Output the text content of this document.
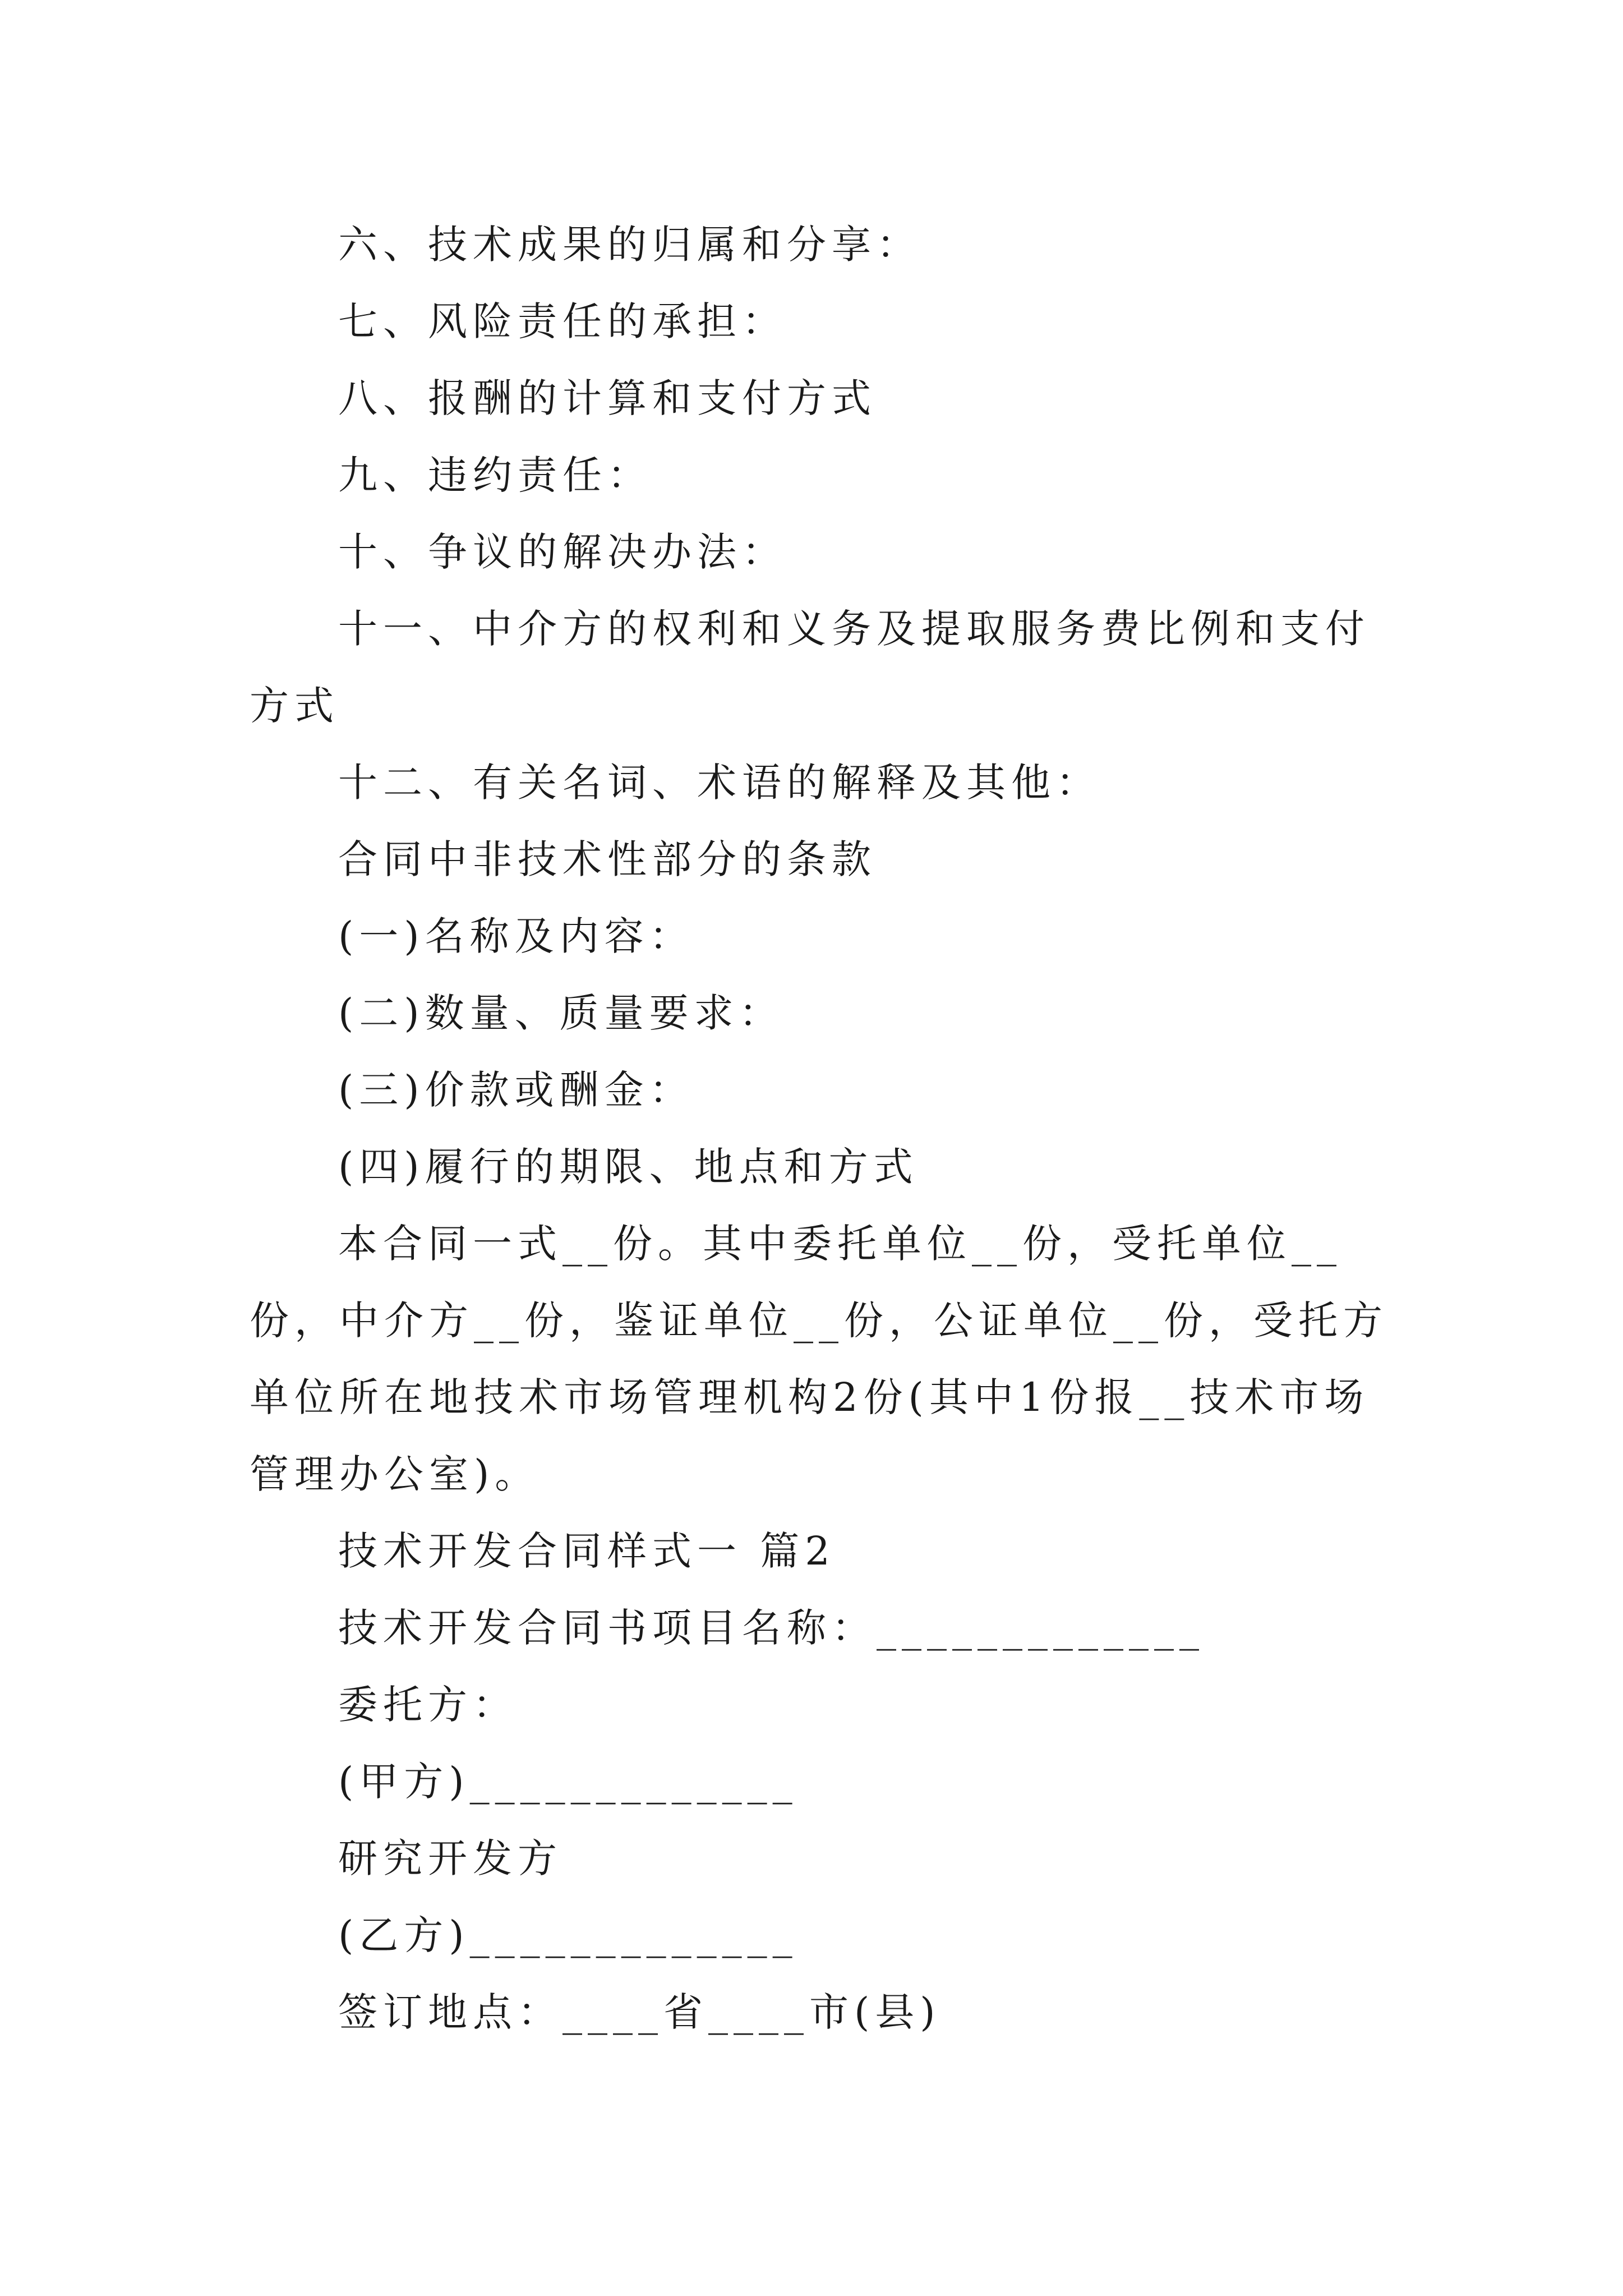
六、技术成果的归属和分享：
七、风险责任的承担：
八、报酬的计算和支付方式
九、违约责任：
十、争议的解决办法：
十一、中介方的权利和义务及提取服务费比例和支付方式
十二、有关名词、术语的解释及其他：
合同中非技术性部分的条款
(一)名称及内容：
(二)数量、质量要求：
(三)价款或酬金：
(四)履行的期限、地点和方式
本合同一式__份。其中委托单位__份，受托单位__份，中介方__份，鉴证单位__份，公证单位__份，受托方单位所在地技术市场管理机构2份(其中1份报__技术市场管理办公室)。
技术开发合同样式一 篇2
技术开发合同书项目名称：_____________
委托方：
(甲方)_____________
研究开发方
(乙方)_____________
签订地点：____省____市(县)
